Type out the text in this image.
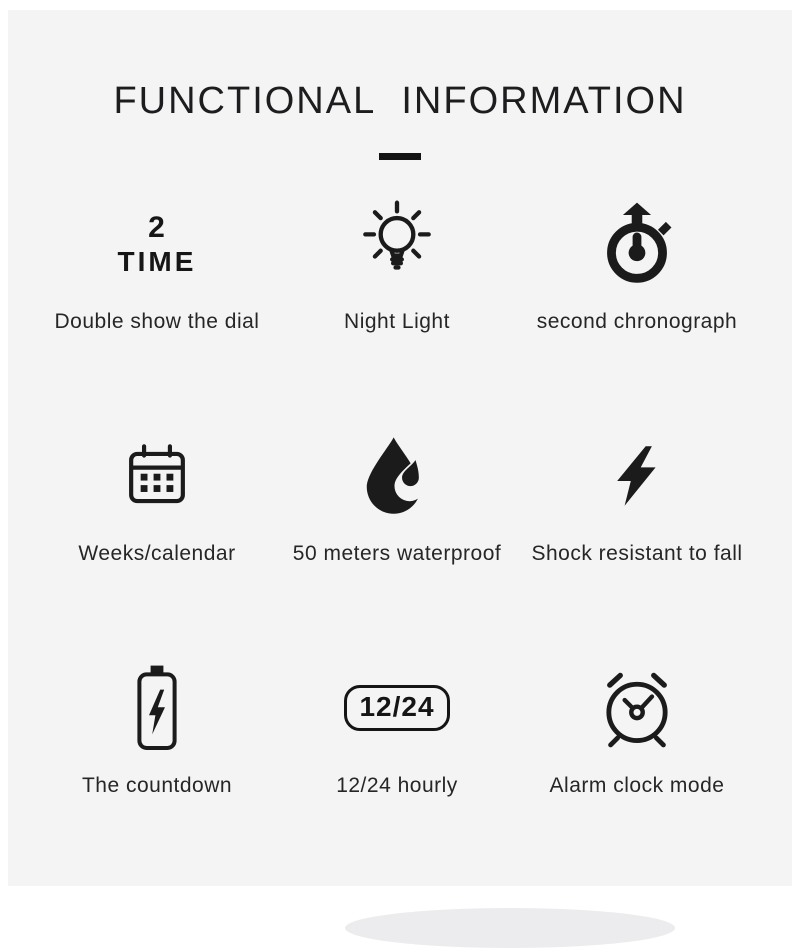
FUNCTIONAL INFORMATION
2
TIME
Double show the dial	Night Light	second chronograph
Weeks/calendar	50 meters waterproof Shock resistant to fall
The countdown
12/24
12/24 hourly	Alarm clock mode
